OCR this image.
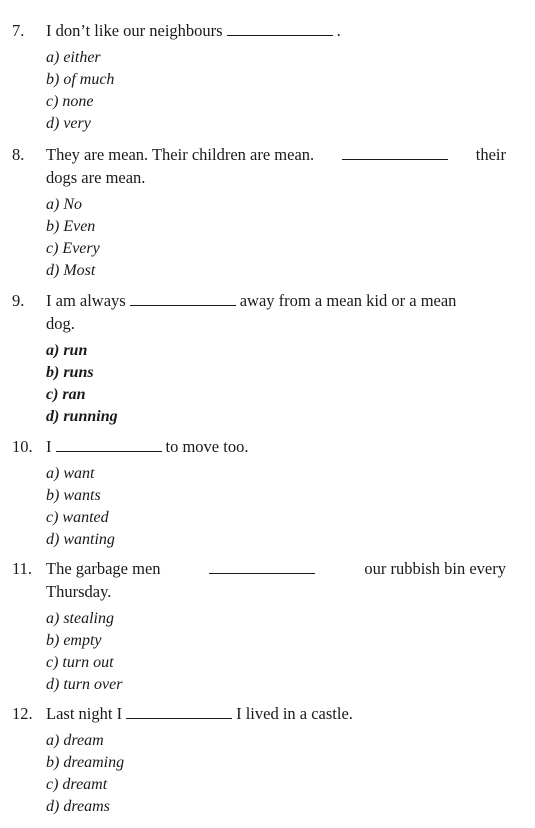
7. I don’t like our neighbours	.
a) either
b) of much
c) none
d) very
8. They are mean. Their children are mean.	their
dogs are mean.
a) No
b) Even
c) Every
d) Most
9. I am always	away from a mean kid or a mean
dog.
a) run
b) runs
c) ran
d) running
10. I	to move too.
a) want
b) wants
c) wanted
d) wanting
11. The garbage men	our rubbish bin every
Thursday.
a) stealing
b) empty
c) turn out
d) turn over
12. Last night I	I lived in a castle.
a) dream
b) dreaming
c) dreamt
d) dreams
